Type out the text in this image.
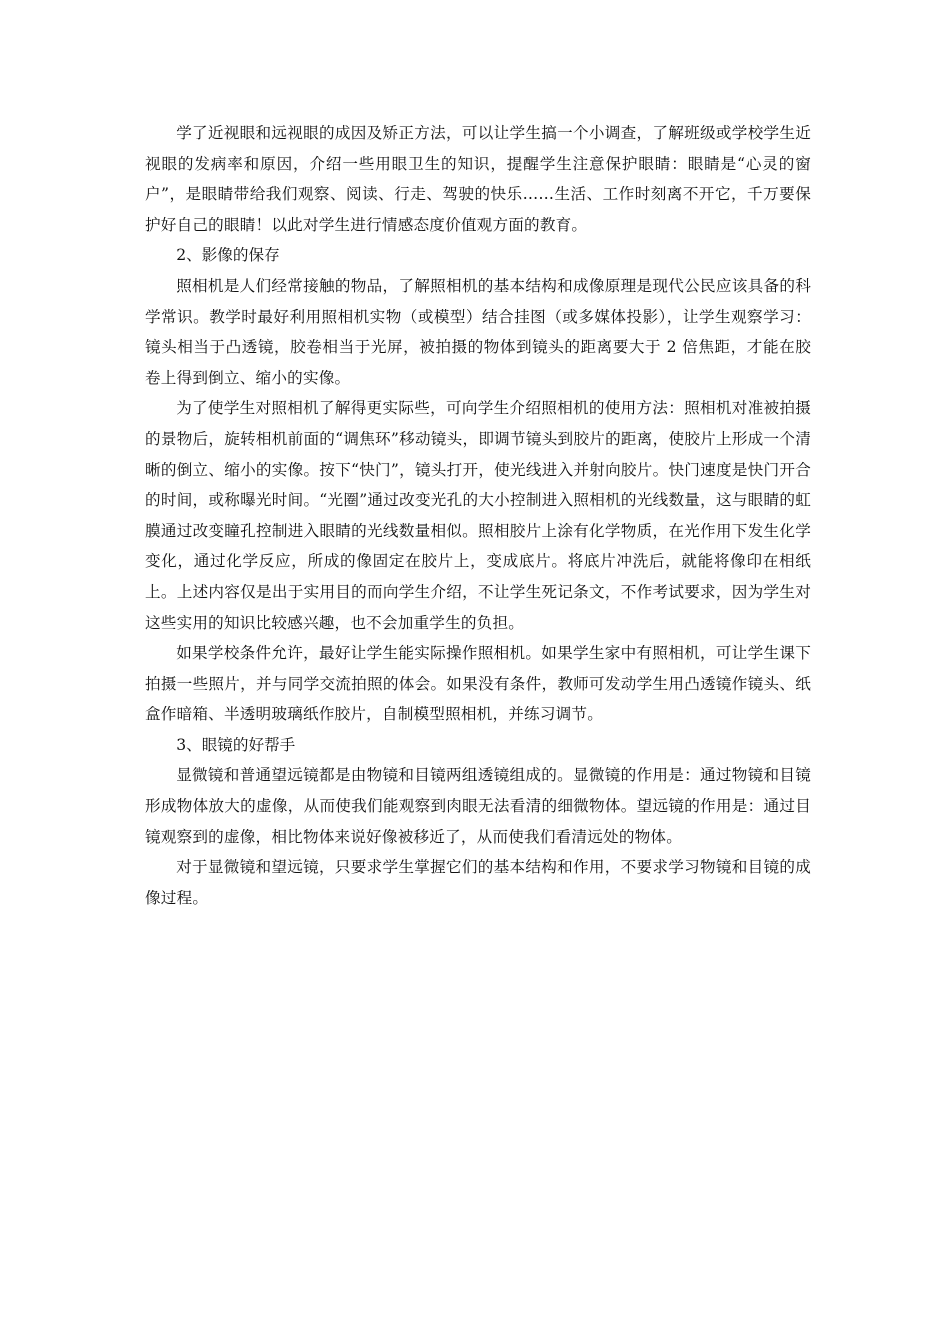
学了近视眼和远视眼的成因及矫正方法，可以让学生搞一个小调查，了解班级或学校学生近视眼的发病率和原因，介绍一些用眼卫生的知识，提醒学生注意保护眼睛：眼睛是“心灵的窗户”，是眼睛带给我们观察、阅读、行走、驾驶的快乐……生活、工作时刻离不开它，千万要保护好自己的眼睛！以此对学生进行情感态度价值观方面的教育。

2、影像的保存

照相机是人们经常接触的物品，了解照相机的基本结构和成像原理是现代公民应该具备的科学常识。教学时最好利用照相机实物（或模型）结合挂图（或多媒体投影），让学生观察学习：镜头相当于凸透镜，胶卷相当于光屏，被拍摄的物体到镜头的距离要大于 2 倍焦距，才能在胶卷上得到倒立、缩小的实像。

为了使学生对照相机了解得更实际些，可向学生介绍照相机的使用方法：照相机对准被拍摄的景物后，旋转相机前面的“调焦环”移动镜头，即调节镜头到胶片的距离，使胶片上形成一个清晰的倒立、缩小的实像。按下“快门”，镜头打开，使光线进入并射向胶片。快门速度是快门开合的时间，或称曝光时间。“光圈”通过改变光孔的大小控制进入照相机的光线数量，这与眼睛的虹膜通过改变瞳孔控制进入眼睛的光线数量相似。照相胶片上涂有化学物质，在光作用下发生化学变化，通过化学反应，所成的像固定在胶片上，变成底片。将底片冲洗后，就能将像印在相纸上。上述内容仅是出于实用目的而向学生介绍，不让学生死记条文，不作考试要求，因为学生对这些实用的知识比较感兴趣，也不会加重学生的负担。

如果学校条件允许，最好让学生能实际操作照相机。如果学生家中有照相机，可让学生课下拍摄一些照片，并与同学交流拍照的体会。如果没有条件，教师可发动学生用凸透镜作镜头、纸盒作暗箱、半透明玻璃纸作胶片，自制模型照相机，并练习调节。

3、眼镜的好帮手

显微镜和普通望远镜都是由物镜和目镜两组透镜组成的。显微镜的作用是：通过物镜和目镜形成物体放大的虚像，从而使我们能观察到肉眼无法看清的细微物体。望远镜的作用是：通过目镜观察到的虚像，相比物体来说好像被移近了，从而使我们看清远处的物体。

对于显微镜和望远镜，只要求学生掌握它们的基本结构和作用，不要求学习物镜和目镜的成像过程。
